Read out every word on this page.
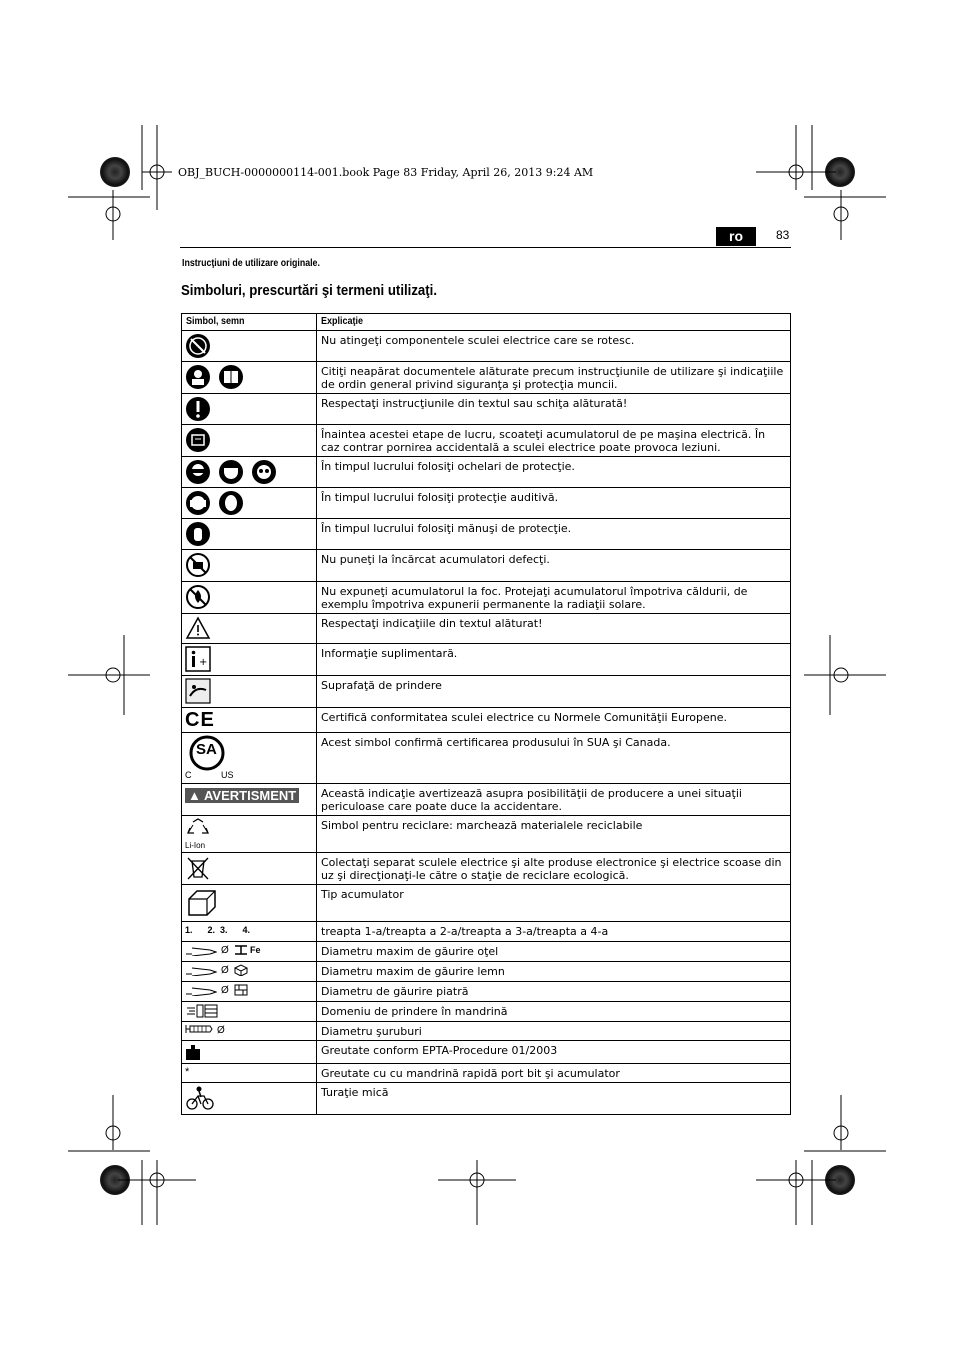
OBJ_BUCH-0000000114-001.book Page 83 Friday, April 26, 2013 9:24 AM
ro	83
Instrucţiuni de utilizare originale.
Simboluri, prescurtări şi termeni utilizaţi.
Simbol, semn	Explicaţie
	Nu atingeţi componentele sculei electrice care se rotesc.
	Citiţi neapărat documentele alăturate precum instrucţiunile de utilizare şi indicaţiile de ordin general privind siguranţa şi protecţia muncii.
	Respectaţi instrucţiunile din textul sau schiţa alăturată!
	Înaintea acestei etape de lucru, scoateţi acumulatorul de pe maşina electrică. În caz contrar pornirea accidentală a sculei electrice poate provoca leziuni.
	În timpul lucrului folosiţi ochelari de protecţie.
	În timpul lucrului folosiţi protecţie auditivă.
	În timpul lucrului folosiţi mănuşi de protecţie.
	Nu puneţi la încărcat acumulatori defecţi.
	Nu expuneţi acumulatorul la foc. Protejaţi acumulatorul împotriva căldurii, de exemplu împotriva expunerii permanente la radiaţii solare.
	Respectaţi indicaţiile din textul alăturat!

+	Informaţie suplimentară.
	Suprafaţă de prindere
CE	Certifică conformitatea sculei electrice cu Normele Comunităţii Europene.

SA
C US	Acest simbol confirmă certificarea produsului în SUA şi Canada.
▲ AVERTISMENT	Această indicaţie avertizează asupra posibilităţii de producere a unei situaţii periculoase care poate duce la accidentare.

Li-Ion	Simbol pentru reciclare: marchează materialele reciclabile
	Colectaţi separat sculele electrice şi alte produse electronice şi electrice scoase din uz şi direcţionaţi-le către o staţie de reciclare ecologică.
	Tip acumulator
1.      2.  3.      4.	treapta 1-a/treapta a 2-a/treapta a 3-a/treapta a 4-a
Ø Fe	Diametru maxim de găurire oţel
Ø	Diametru maxim de găurire lemn
Ø	Diametru de găurire piatră
	Domeniu de prindere în mandrină
Ø	Diametru şuruburi
	Greutate conform EPTA-Procedure 01/2003
*	Greutate cu cu mandrină rapidă port bit şi acumulator
	Turaţie mică
